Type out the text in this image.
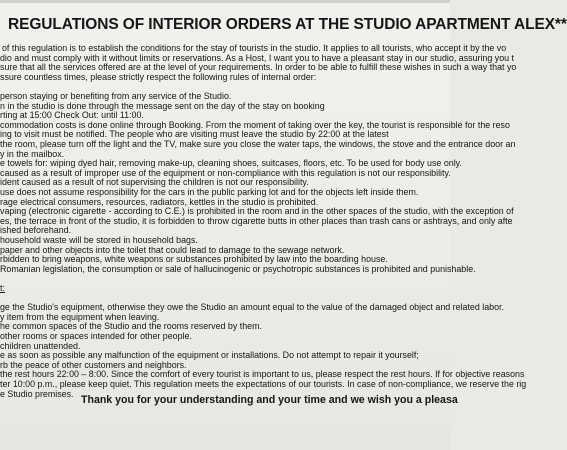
REGULATIONS OF INTERIOR ORDERS AT THE STUDIO APARTMENT ALEX**
of this regulation is to establish the conditions for the stay of tourists in the studio. It applies to all tourists, who accept it by the vo
dio and must comply with it without limits or reservations. As a Host, I want you to have a pleasant stay in our studio, assuring you t
sure that all the services offered are at the level of your requirements. In order to be able to fulfill these wishes in such a way that yo
ssure countless times, please strictly respect the following rules of internal order:
person staying or benefiting from any service of the Studio.
n in the studio is done through the message sent on the day of the stay on booking
rting at 15:00 Check Out: until 11:00.
commodation costs is done online through Booking. From the moment of taking over the key, the tourist is responsible for the reso
ing to visit must be notified. The people who are visiting must leave the studio by 22:00 at the latest
the room, please turn off the light and the TV, make sure you close the water taps, the windows, the stove and the entrance door an
y in the mailbox.
e towels for: wiping dyed hair, removing make-up, cleaning shoes, suitcases, floors, etc. To be used for body use only.
caused as a result of improper use of the equipment or non-compliance with this regulation is not our responsibility.
ident caused as a result of not supervising the children is not our responsibility.
use does not assume responsibility for the cars in the public parking lot and for the objects left inside them.
rage electrical consumers, resources, radiators, kettles in the studio is prohibited.
vaping (electronic cigarette - according to C.E.) is prohibited in the room and in the other spaces of the studio, with the exception of
es, the terrace in front of the studio, it is forbidden to throw cigarette butts in other places than trash cans or ashtrays, and only afte
ished beforehand.
household waste will be stored in household bags.
paper and other objects into the toilet that could lead to damage to the sewage network.
rbidden to bring weapons, white weapons or substances prohibited by law into the boarding house.
Romanian legislation, the consumption or sale of hallucinogenic or psychotropic substances is prohibited and punishable.
t:
ge the Studio's equipment, otherwise they owe the Studio an amount equal to the value of the damaged object and related labor.
y item from the equipment when leaving.
he common spaces of the Studio and the rooms reserved by them.
other rooms or spaces intended for other people.
children unattended.
e as soon as possible any malfunction of the equipment or installations. Do not attempt to repair it yourself;
rb the peace of other customers and neighbors.
the rest hours 22:00 – 8:00. Since the comfort of every tourist is important to us, please respect the rest hours. If for objective reasons
ter 10:00 p.m., please keep quiet. This regulation meets the expectations of our tourists. In case of non-compliance, we reserve the rig
e Studio premises.
Thank you for your understanding and your time and we wish you a pleasa
